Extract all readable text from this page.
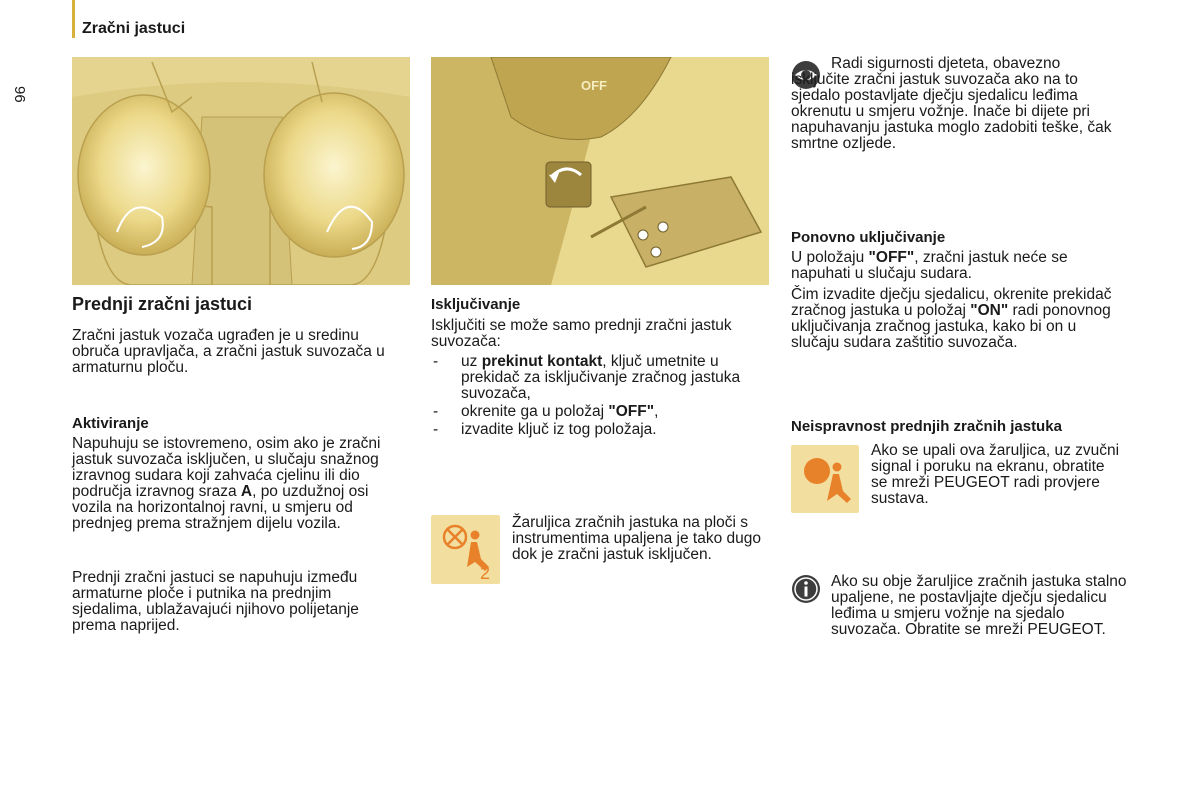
Zračni jastuci
96
Prednji zračni jastuci
Zračni jastuk vozača ugrađen je u sredinu obruča upravljača, a zračni jastuk suvozača u armaturnu ploču.
Aktiviranje
Napuhuju se istovremeno, osim ako je zračni jastuk suvozača isključen, u slučaju snažnog izravnog sudara koji zahvaća cjelinu ili dio područja izravnog sraza A, po uzdužnoj osi vozila na horizontalnoj ravni, u smjeru od prednjeg prema stražnjem dijelu vozila.
Prednji zračni jastuci se napuhuju između armaturne ploče i putnika na prednjim sjedalima, ublažavajući njihovo polijetanje prema naprijed.
OFF
Isključivanje
Isključiti se može samo prednji zračni jastuk suvozača:
- uz prekinut kontakt, ključ umetnite u prekidač za isključivanje zračnog jastuka suvozača,
- okrenite ga u položaj "OFF",
- izvadite ključ iz tog položaja.
2
Žaruljica zračnih jastuka na ploči s instrumentima upaljena je tako dugo dok je zračni jastuk isključen.
Radi sigurnosti djeteta, obavezno isključite zračni jastuk suvozača ako na to sjedalo postavljate dječju sjedalicu leđima okrenutu u smjeru vožnje. Inače bi dijete pri napuhavanju jastuka moglo zadobiti teške, čak smrtne ozljede.
Ponovno uključivanje
U položaju "OFF", zračni jastuk neće se napuhati u slučaju sudara.
Čim izvadite dječju sjedalicu, okrenite prekidač zračnog jastuka u položaj "ON" radi ponovnog uključivanja zračnog jastuka, kako bi on u slučaju sudara zaštitio suvozača.
Neispravnost prednjih zračnih jastuka
Ako se upali ova žaruljica, uz zvučni signal i poruku na ekranu, obratite se mreži PEUGEOT radi provjere sustava.
Ako su obje žaruljice zračnih jastuka stalno upaljene, ne postavljajte dječju sjedalicu leđima u smjeru vožnje na sjedalo suvozača. Obratite se mreži PEUGEOT.
